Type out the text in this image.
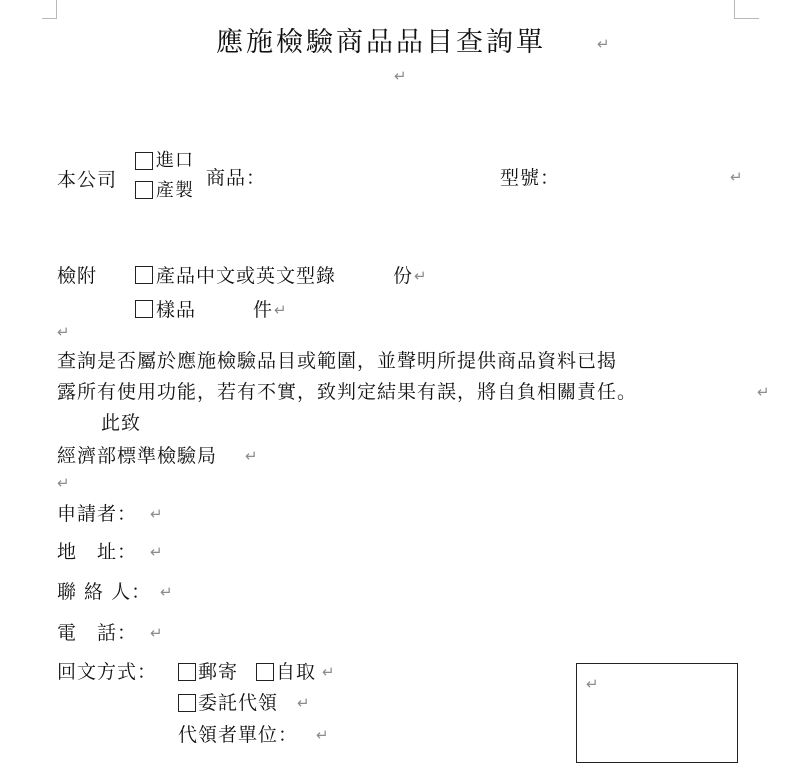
應施檢驗商品品目查詢單	↵
↵
本公司
進口
產製
商品：	型號：	↵
檢附	產品中文或英文型錄	份 ↵
樣品	件 ↵
↵
查詢是否屬於應施檢驗品目或範圍，並聲明所提供商品資料已揭
露所有使用功能，若有不實，致判定結果有誤，將自負相關責任。	↵
此致
經濟部標準檢驗局 ↵
↵
申請者： ↵
地　址： ↵
聯 絡 人： ↵
電　話： ↵
回文方式： 郵寄 自取 ↵
委託代領 ↵
代領者單位： ↵
↵
